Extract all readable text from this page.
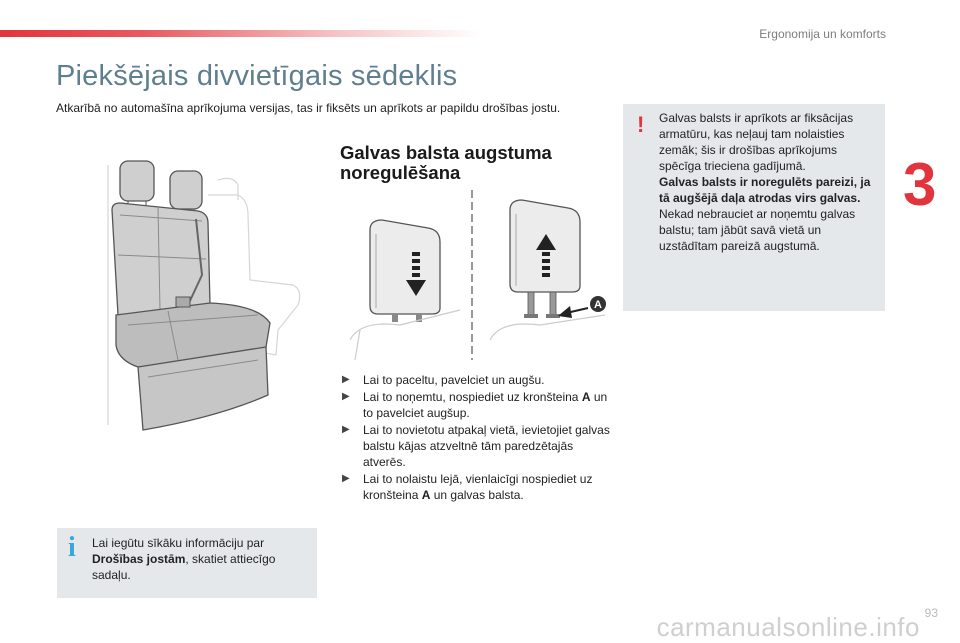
Ergonomija un komforts
3
Piekšējais divvietīgais sēdeklis
Atkarībā no automašīna aprīkojuma versijas, tas ir fiksēts un aprīkots ar papildu drošības jostu.
Galvas balsta augstuma
noregulēšana
A
▶ Lai to paceltu, pavelciet un augšu.
▶ Lai to noņemtu, nospiediet uz kronšteina A un to pavelciet augšup.
▶ Lai to novietotu atpakaļ vietā, ievietojiet galvas balstu kājas atzveltnē tām paredzētajās atverēs.
▶ Lai to nolaistu lejā, vienlaicīgi nospiediet uz kronšteina A un galvas balsta.
! Galvas balsts ir aprīkots ar fiksācijas armatūru, kas neļauj tam nolaisties zemāk; šis ir drošības aprīkojums spēcīga trieciena gadījumā.
Galvas balsts ir noregulēts pareizi, ja tā augšējā daļa atrodas virs galvas.
Nekad nebrauciet ar noņemtu galvas balstu; tam jābūt savā vietā un uzstādītam pareizā augstumā.
i Lai iegūtu sīkāku informāciju par Drošības jostām, skatiet attiecīgo sadaļu.
93
carmanualsonline.info
